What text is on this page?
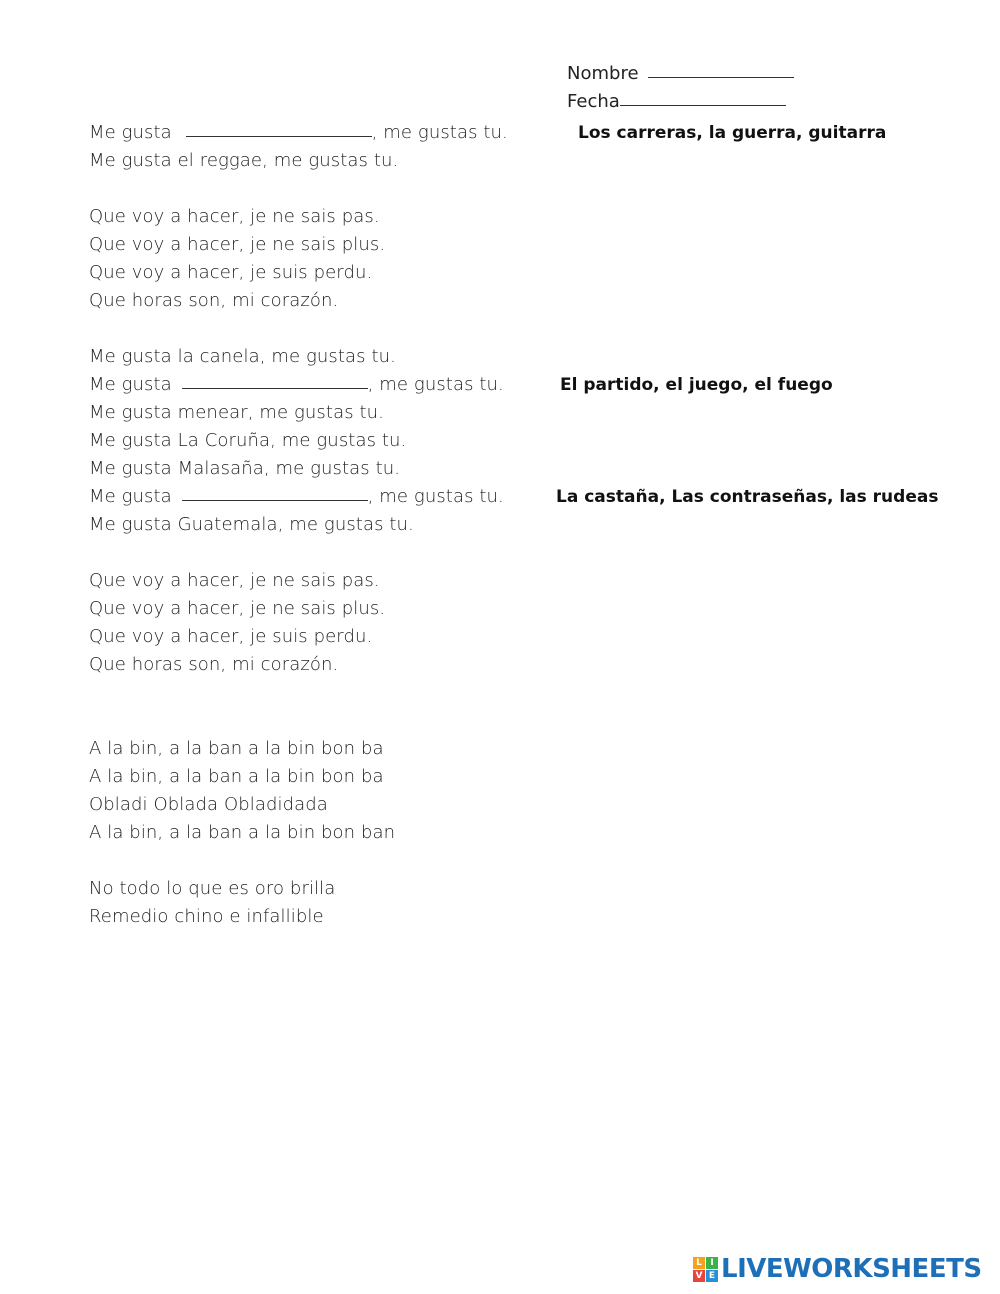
Nombre
Fecha
Me gusta	, me gustas tu.	Los carreras, la guerra, guitarra
Me gusta el reggae, me gustas tu.
Que voy a hacer, je ne sais pas.
Que voy a hacer, je ne sais plus.
Que voy a hacer, je suis perdu.
Que horas son, mi corazón.
Me gusta la canela, me gustas tu.
Me gusta	, me gustas tu.	El partido, el juego, el fuego
Me gusta menear, me gustas tu.
Me gusta La Coruña, me gustas tu.
Me gusta Malasaña, me gustas tu.
Me gusta	, me gustas tu.	La castaña, Las contraseñas, las rudeas
Me gusta Guatemala, me gustas tu.
Que voy a hacer, je ne sais pas.
Que voy a hacer, je ne sais plus.
Que voy a hacer, je suis perdu.
Que horas son, mi corazón.
A la bin, a la ban a la bin bon ba
A la bin, a la ban a la bin bon ba
Obladi Oblada Obladidada
A la bin, a la ban a la bin bon ban
No todo lo que es oro brilla
Remedio chino e infallible
L I
V E LIVEWORKSHEETS
